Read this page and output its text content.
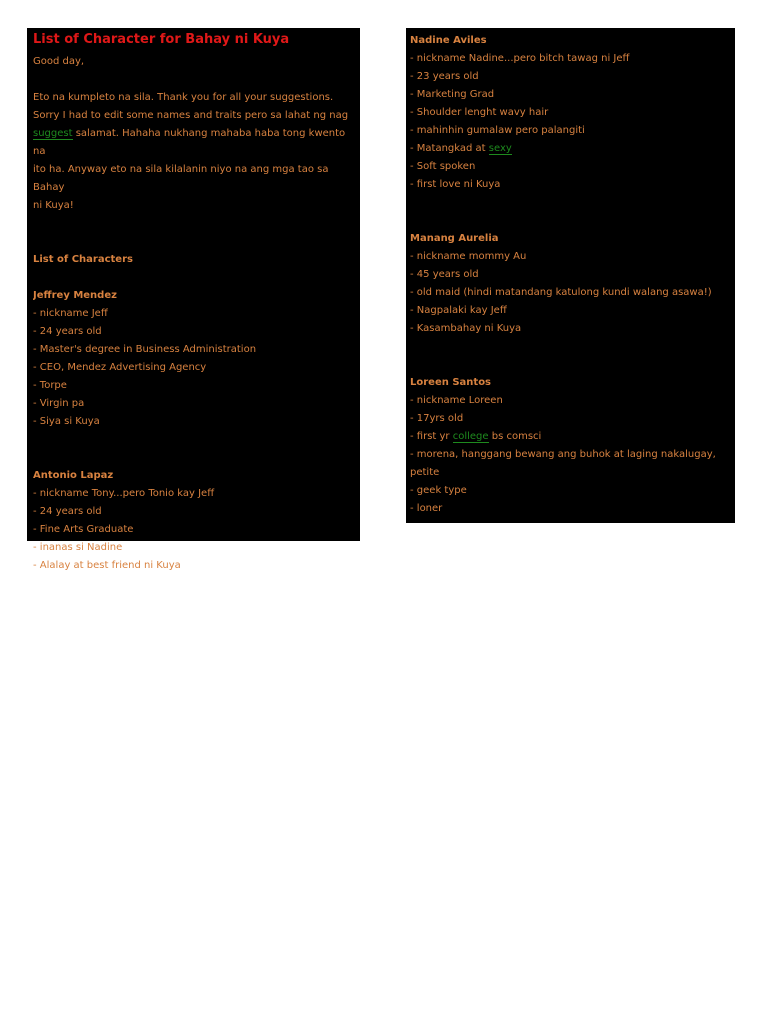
List of Character for Bahay ni Kuya
Good day,
Eto na kumpleto na sila. Thank you for all your suggestions.
Sorry I had to edit some names and traits pero sa lahat ng nag
suggest salamat. Hahaha nukhang mahaba haba tong kwento na
ito ha. Anyway eto na sila kilalanin niyo na ang mga tao sa Bahay
ni Kuya!
List of Characters
Jeffrey Mendez
- nickname Jeff
- 24 years old
- Master's degree in Business Administration
- CEO, Mendez Advertising Agency
- Torpe
- Virgin pa
- Siya si Kuya
Antonio Lapaz
- nickname Tony...pero Tonio kay Jeff
- 24 years old
- Fine Arts Graduate
- inanas si Nadine
- Alalay at best friend ni Kuya
Nadine Aviles
- nickname Nadine...pero bitch tawag ni Jeff
- 23 years old
- Marketing Grad
- Shoulder lenght wavy hair
- mahinhin gumalaw pero palangiti
- Matangkad at sexy
- Soft spoken
- first love ni Kuya
Manang Aurelia
- nickname mommy Au
- 45 years old
- old maid (hindi matandang katulong kundi walang asawa!)
- Nagpalaki kay Jeff
- Kasambahay ni Kuya
Loreen Santos
- nickname Loreen
- 17yrs old
- first yr college bs comsci
- morena, hanggang bewang ang buhok at laging nakalugay,
petite
- geek type
- loner
